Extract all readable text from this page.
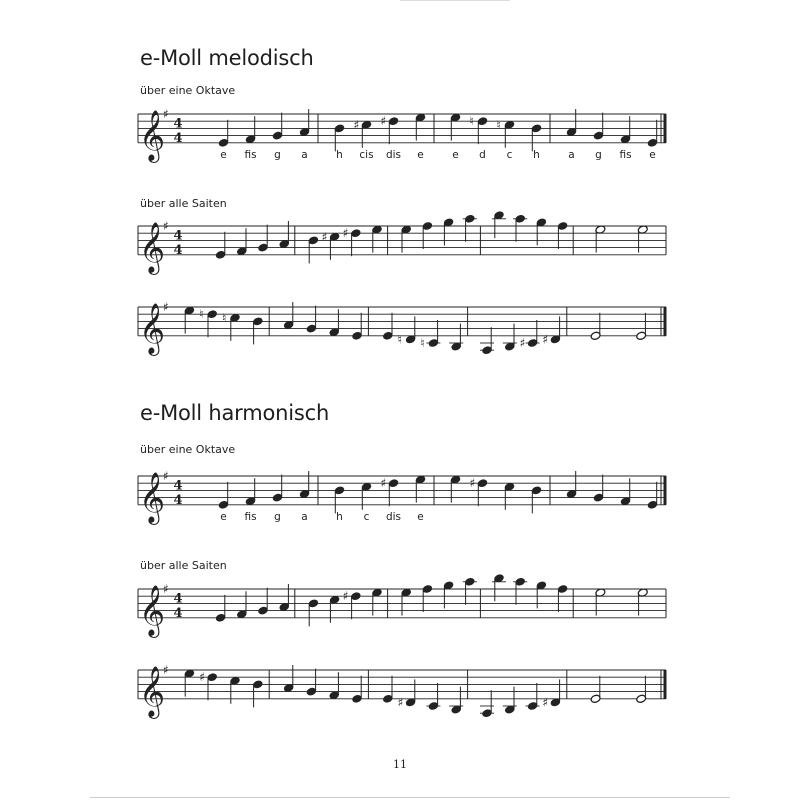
e-Moll melodisch
über eine Oktave
𝄞
♯
4
4
e fis g a	h
♯
cis
♯
dis e	e
♮
d
♮
c h	a g fis e
über alle Saiten
𝄞
♯
4
4
♯ ♯
𝄞
♯
♮ ♮
♮ ♮	♯ ♯
e-Moll harmonisch
über eine Oktave
𝄞
♯
4
4
e fis g a	h c
♯
dis e
♯
über alle Saiten
𝄞
♯
4
4
♯
𝄞
♯
♯
♯	♯
11
